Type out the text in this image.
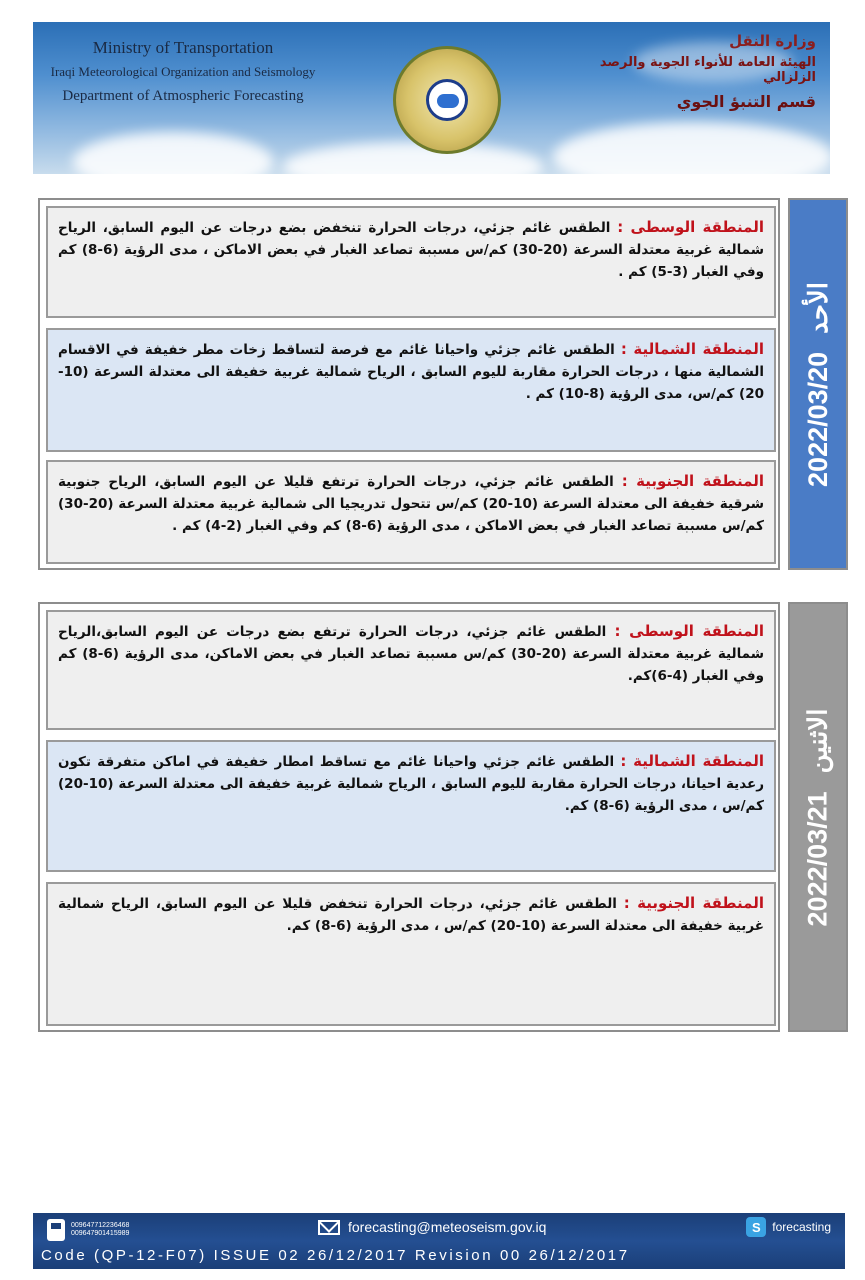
Ministry of Transportation
Iraqi Meteorological Organization and Seismology
Department of Atmospheric Forecasting
وزارة النقل
الهيئة العامة للأنواء الجوية والرصد الزلزالي
قسم التنبؤ الجوي
المنطقة الوسطى : الطقس غائم جزئي، درجات الحرارة تنخفض بضع درجات عن اليوم السابق، الرياح شمالية غربية معتدلة السرعة (20-30) كم/س مسببة تصاعد الغبار في بعض الاماكن ، مدى الرؤية (6-8) كم وفي الغبار (3-5) كم .
المنطقة الشمالية : الطقس غائم جزئي واحيانا غائم مع فرصة لتساقط زخات مطر خفيفة في الاقسام الشمالية منها ، درجات الحرارة مقاربة لليوم السابق ، الرياح شمالية غربية خفيفة الى معتدلة السرعة (10-20) كم/س، مدى الرؤية (8-10) كم .
المنطقة الجنوبية : الطقس غائم جزئي، درجات الحرارة ترتفع قليلا عن اليوم السابق، الرياح جنوبية شرقية خفيفة الى معتدلة السرعة (10-20) كم/س تتحول تدريجيا الى شمالية غربية معتدلة السرعة (20-30) كم/س مسببة تصاعد الغبار في بعض الاماكن ، مدى الرؤية (6-8) كم وفي الغبار (2-4) كم .
2022/03/20
الأحد
المنطقة الوسطى : الطقس غائم جزئي، درجات الحرارة ترتفع بضع درجات عن اليوم السابق،الرياح شمالية غربية معتدلة السرعة (20-30) كم/س مسببة تصاعد الغبار في بعض الاماكن، مدى الرؤية (6-8) كم وفي الغبار (4-6)كم.
المنطقة الشمالية : الطقس غائم جزئي واحيانا غائم مع تساقط امطار خفيفة في اماكن متفرقة تكون رعدية احيانا، درجات الحرارة مقاربة لليوم السابق ، الرياح شمالية غربية خفيفة الى معتدلة السرعة (10-20) كم/س ، مدى الرؤية (6-8) كم.
المنطقة الجنوبية : الطقس غائم جزئي، درجات الحرارة تنخفض قليلا عن اليوم السابق، الرياح شمالية غربية خفيفة الى معتدلة السرعة (10-20) كم/س ، مدى الرؤية (6-8) كم.
2022/03/21
الاثنين
009647712236468
009647901415989	forecasting@meteoseism.gov.iq	S forecasting
Code (QP-12-F07) ISSUE 02 26/12/2017 Revision 00 26/12/2017
